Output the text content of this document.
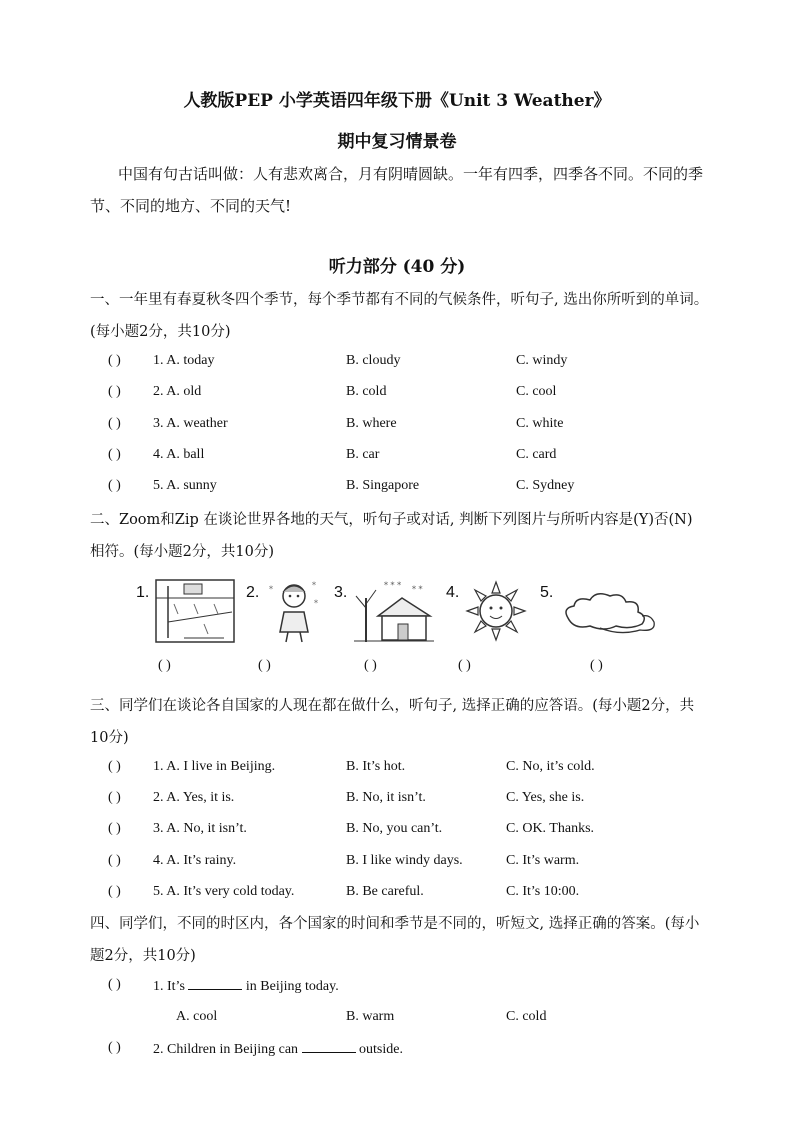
人教版PEP 小学英语四年级下册《Unit 3 Weather》
期中复习情景卷
中国有句古话叫做：人有悲欢离合，月有阴晴圆缺。一年有四季，四季各不同。不同的季节、不同的地方、不同的天气!
听力部分 (40 分)
一、一年里有春夏秋冬四个季节，每个季节都有不同的气候条件，听句子, 选出你所听到的单词。(每小题2分，共10分)
( ) 1. A. today	B. cloudy	C. windy
( ) 2. A. old	B. cold	C. cool
( ) 3. A. weather	B. where	C. white
( ) 4. A. ball	B. car	C. card
( ) 5. A. sunny	B. Singapore	C. Sydney
二、Zoom和Zip 在谈论世界各地的天气，听句子或对话, 判断下列图片与所听内容是(Y)否(N) 相符。(每小题2分，共10分)
1.
( )
2. *
*
*
( )
3.	* * * * *
( )
4.
( )
5.
( )
三、同学们在谈论各自国家的人现在都在做什么，听句子, 选择正确的应答语。(每小题2分，共10分)
( ) 1. A. I live in Beijing.	B. It’s hot.	C. No, it’s cold.
( ) 2. A. Yes, it is.	B. No, it isn’t.	C. Yes, she is.
( ) 3. A. No, it isn’t.	B. No, you can’t.	C. OK. Thanks.
( ) 4. A. It’s rainy.	B. I like windy days.	C. It’s warm.
( ) 5. A. It’s very cold today.	B. Be careful.	C. It’s 10:00.
四、同学们，不同的时区内，各个国家的时间和季节是不同的，听短文, 选择正确的答案。(每小题2分，共10分)
( ) 1. It’s	in Beijing today.
A. cool	B. warm	C. cold
( ) 2. Children in Beijing can	outside.
